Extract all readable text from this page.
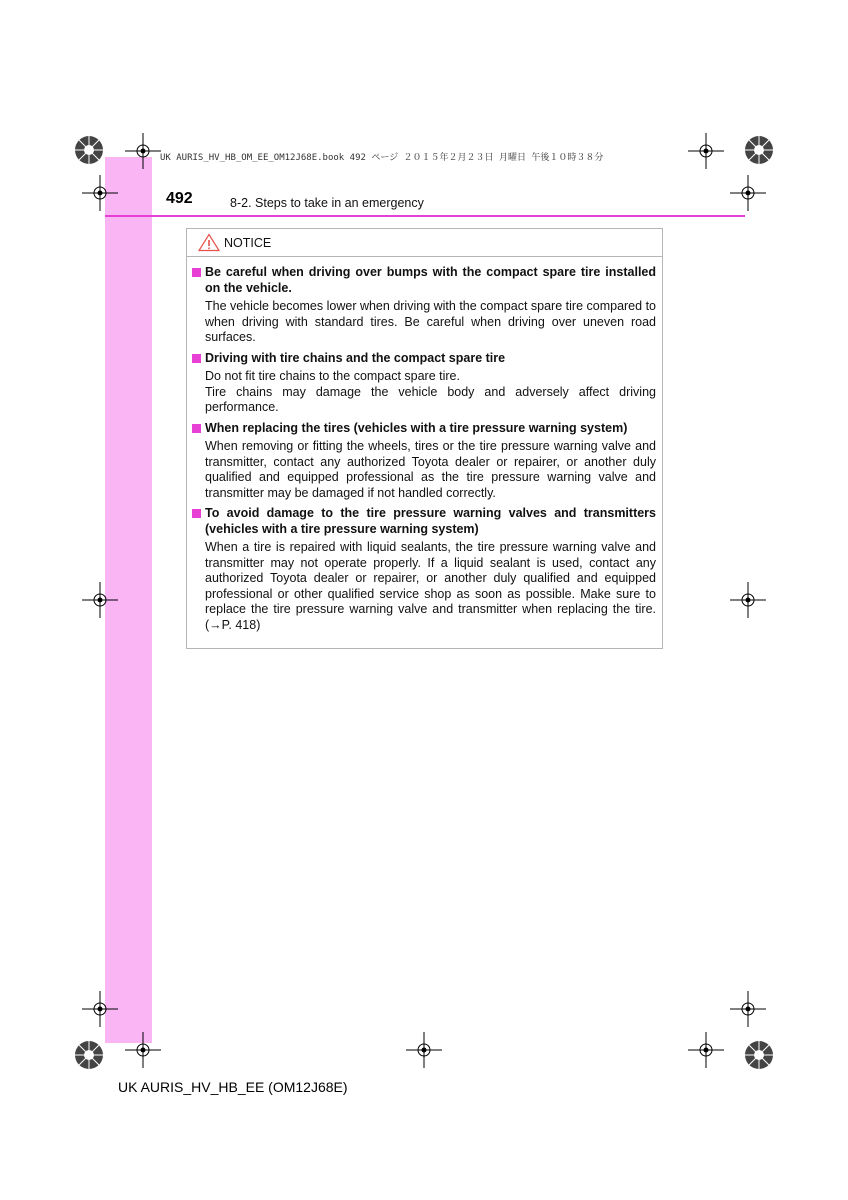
UK AURIS_HV_HB_OM_EE_OM12J68E.book 492 ページ ２０１５年２月２３日 月曜日 午後１０時３８分
492	8-2. Steps to take in an emergency
NOTICE
Be careful when driving over bumps with the compact spare tire installed on the vehicle.

The vehicle becomes lower when driving with the compact spare tire compared to when driving with standard tires. Be careful when driving over uneven road surfaces.

Driving with tire chains and the compact spare tire

Do not fit tire chains to the compact spare tire.

Tire chains may damage the vehicle body and adversely affect driving performance.

When replacing the tires (vehicles with a tire pressure warning system)

When removing or fitting the wheels, tires or the tire pressure warning valve and transmitter, contact any authorized Toyota dealer or repairer, or another duly qualified and equipped professional as the tire pressure warning valve and transmitter may be damaged if not handled correctly.

To avoid damage to the tire pressure warning valves and transmitters (vehicles with a tire pressure warning system)

When a tire is repaired with liquid sealants, the tire pressure warning valve and transmitter may not operate properly. If a liquid sealant is used, contact any authorized Toyota dealer or repairer, or another duly qualified and equipped professional or other qualified service shop as soon as possible. Make sure to replace the tire pressure warning valve and transmitter when replacing the tire. (→P. 418)

UK AURIS_HV_HB_EE (OM12J68E)
